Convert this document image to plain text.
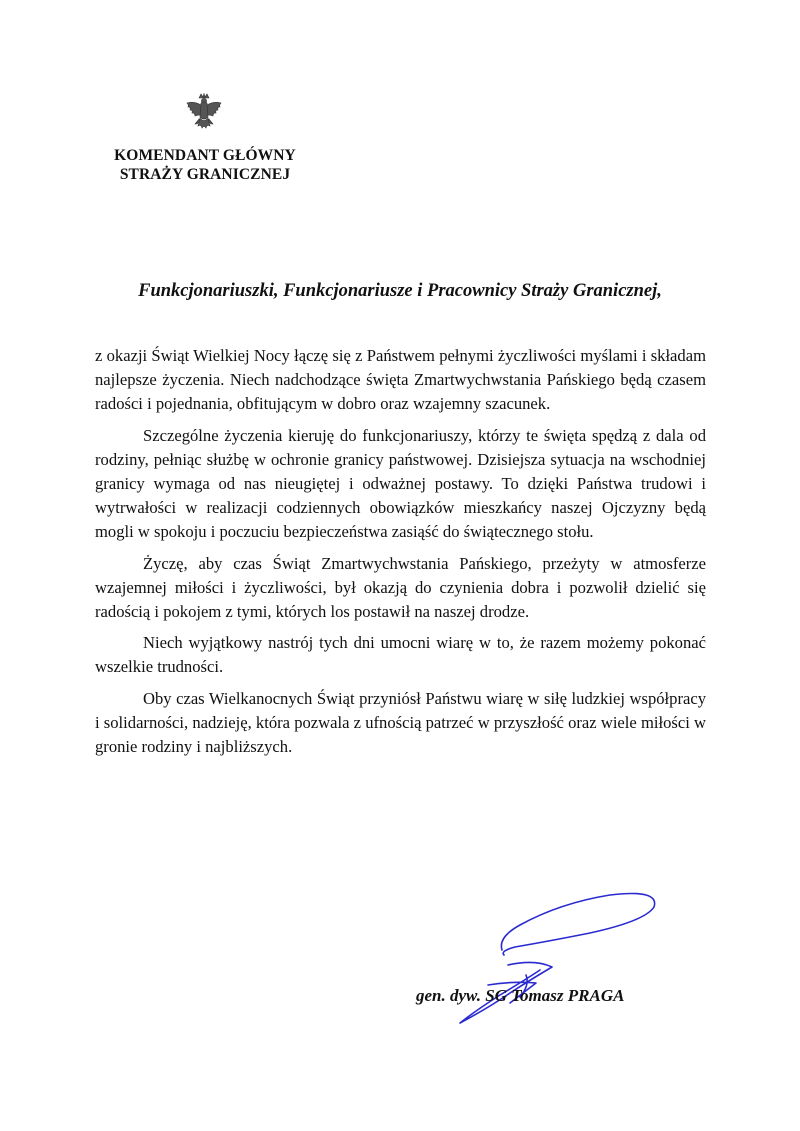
KOMENDANT GŁÓWNY
STRAŻY GRANICZNEJ
Funkcjonariuszki, Funkcjonariusze i Pracownicy Straży Granicznej,

z okazji Świąt Wielkiej Nocy łączę się z Państwem pełnymi życzliwości myślami i składam najlepsze życzenia. Niech nadchodzące święta Zmartwychwstania Pańskiego będą czasem radości i pojednania, obfitującym w dobro oraz wzajemny szacunek.

Szczególne życzenia kieruję do funkcjonariuszy, którzy te święta spędzą z dala od rodziny, pełniąc służbę w ochronie granicy państwowej. Dzisiejsza sytuacja na wschodniej granicy wymaga od nas nieugiętej i odważnej postawy. To dzięki Państwa trudowi i wytrwałości w realizacji codziennych obowiązków mieszkańcy naszej Ojczyzny będą mogli w spokoju i poczuciu bezpieczeństwa zasiąść do świątecznego stołu.

Życzę, aby czas Świąt Zmartwychwstania Pańskiego, przeżyty w atmosferze wzajemnej miłości i życzliwości, był okazją do czynienia dobra i pozwolił dzielić się radością i pokojem z tymi, których los postawił na naszej drodze.

Niech wyjątkowy nastrój tych dni umocni wiarę w to, że razem możemy pokonać wszelkie trudności.

Oby czas Wielkanocnych Świąt przyniósł Państwu wiarę w siłę ludzkiej współpracy i solidarności, nadzieję, która pozwala z ufnością patrzeć w przyszłość oraz wiele miłości w gronie rodziny i najbliższych.

gen. dyw. SG Tomasz PRAGA
